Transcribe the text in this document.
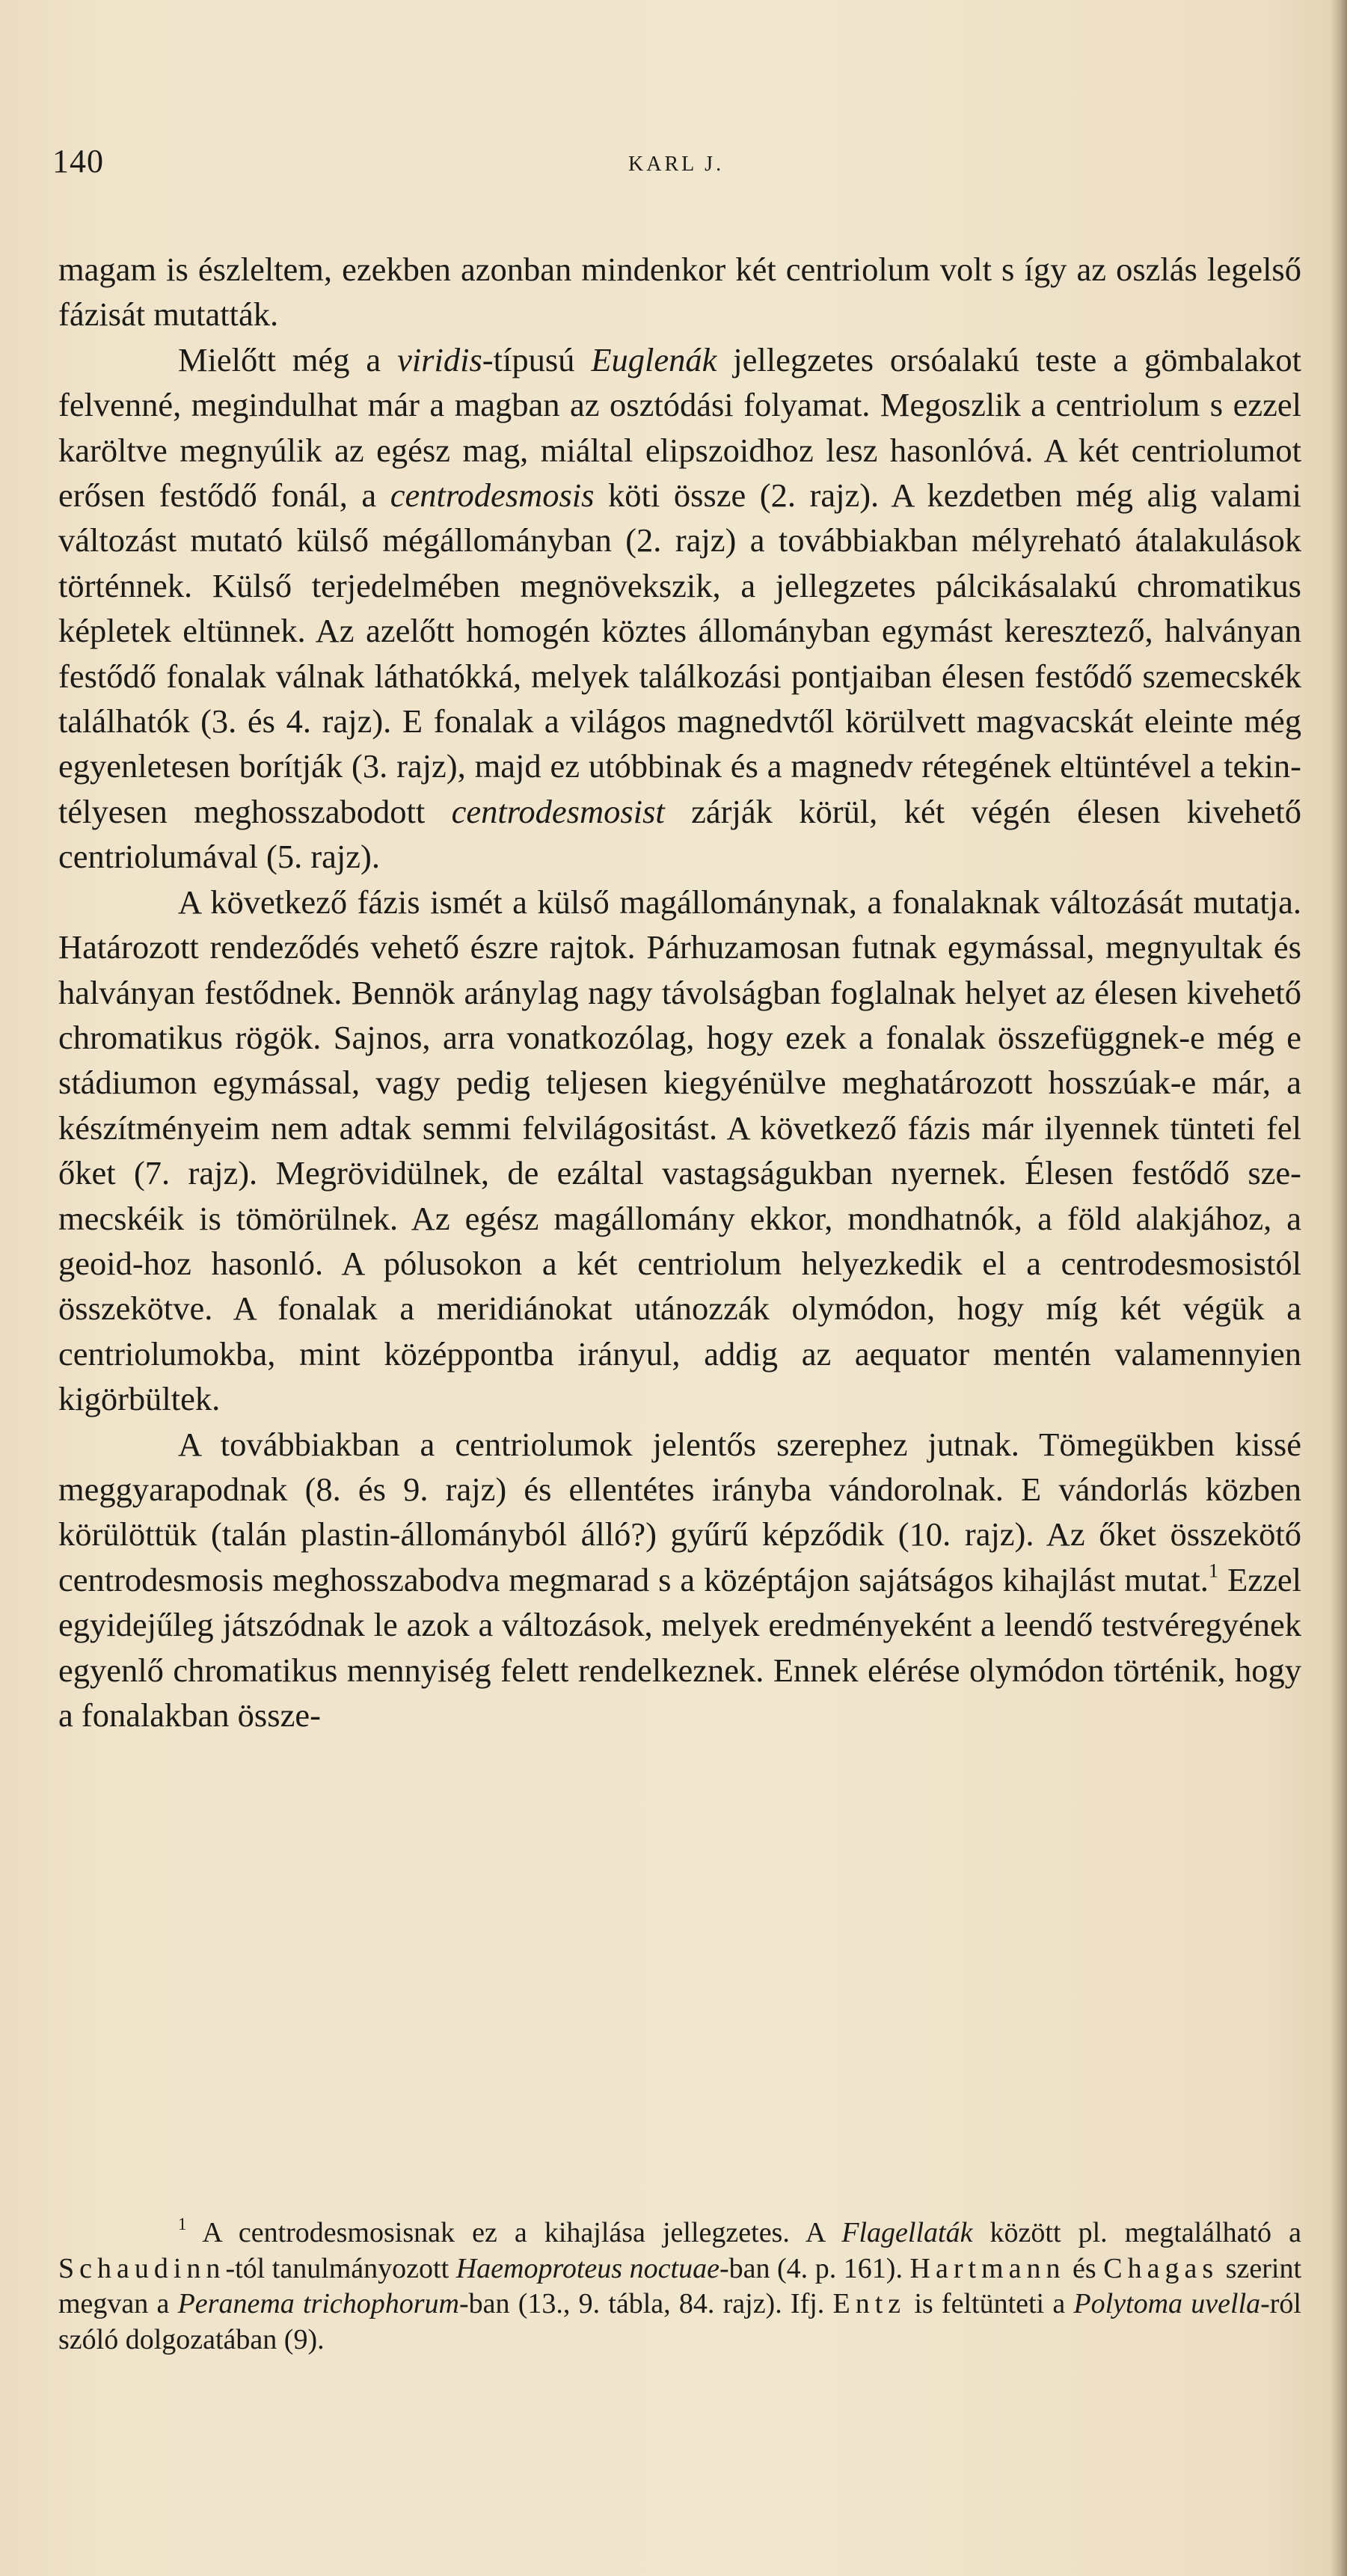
140	KARL J.

magam is észleltem, ezekben azonban mindenkor két centriolum volt s így az oszlás legelső fázisát mutatták.

Mielőtt még a viridis-típusú Euglenák jellegzetes orsóalakú teste a gömbalakot felvenné, megindulhat már a magban az osztódási folyamat. Megoszlik a centriolum s ezzel karöltve megnyúlik az egész mag, miáltal elipszoidhoz lesz hasonlóvá. A két centriolumot erősen festődő fonál, a centrodesmosis köti össze (2. rajz). A kezdetben még alig valami változást mutató külső mégállományban (2. rajz) a továbbiakban mélyreható átalakulások történnek. Külső terjedelmében megnövekszik, a jellegzetes pálcikásalakú chromatikus képletek eltünnek. Az azelőtt homogén köztes állományban egymást keresztező, halványan festődő fonalak válnak láthatókká, melyek találkozási pontjaiban élesen festődő szemecskék találhatók (3. és 4. rajz). E fonalak a világos magnedvtől körülvett magvacskát eleinte még egyenletesen borítják (3. rajz), majd ez utóbbinak és a magnedv rétegének eltüntével a tekintélyesen meghosszabodott centrodesmosist zárják körül, két végén élesen kivehető centriolumával (5. rajz).

A következő fázis ismét a külső magállománynak, a fonalaknak változását mutatja. Határozott rendeződés vehető észre rajtok. Párhuzamosan futnak egymással, megnyultak és halványan festődnek. Bennök aránylag nagy távolságban foglalnak helyet az élesen kivehető chromatikus rögök. Sajnos, arra vonatkozólag, hogy ezek a fonalak összefüggnek-e még e stádiumon egymással, vagy pedig teljesen kiegyénülve meghatározott hosszúak-e már, a készítményeim nem adtak semmi felvilágositást. A következő fázis már ilyennek tünteti fel őket (7. rajz). Megrövidülnek, de ezáltal vastagságukban nyernek. Élesen festődő szemecskéik is tömörülnek. Az egész magállomány ekkor, mondhatnók, a föld alakjához, a geoid-hoz hasonló. A pólusokon a két centriolum helyezkedik el a centrodesmosistól összekötve. A fonalak a meridiánokat utánozzák olymódon, hogy míg két végük a centriolumokba, mint középpontba irányul, addig az aequator mentén valamennyien kigörbültek.

A továbbiakban a centriolumok jelentős szerephez jutnak. Tömegükben kissé meggyarapodnak (8. és 9. rajz) és ellentétes irányba vándorolnak. E vándorlás közben körülöttük (talán plastin-állományból álló?) gyűrű képződik (10. rajz). Az őket összekötő centrodesmosis meghosszabodva megmarad s a középtájon sajátságos kihajlást mutat.$^1$ Ezzel egyidejűleg játszódnak le azok a változások, melyek eredményeként a leendő testvéregyének egyenlő chromatikus mennyiség felett rendelkeznek. Ennek elérése olymódon történik, hogy a fonalakban össze-

$^1$ A centrodesmosisnak ez a kihajlása jellegzetes. A Flagellaták között pl. megtalálható a Schaudinn-tól tanulmányozott Haemoproteus noctuae-ban (4. p. 161). Hartmann és Chagas szerint megvan a Peranema trichophorum-ban (13., 9. tábla, 84. rajz). Ifj. Entz is feltünteti a Polytoma uvella-ról szóló dolgozatában (9).
